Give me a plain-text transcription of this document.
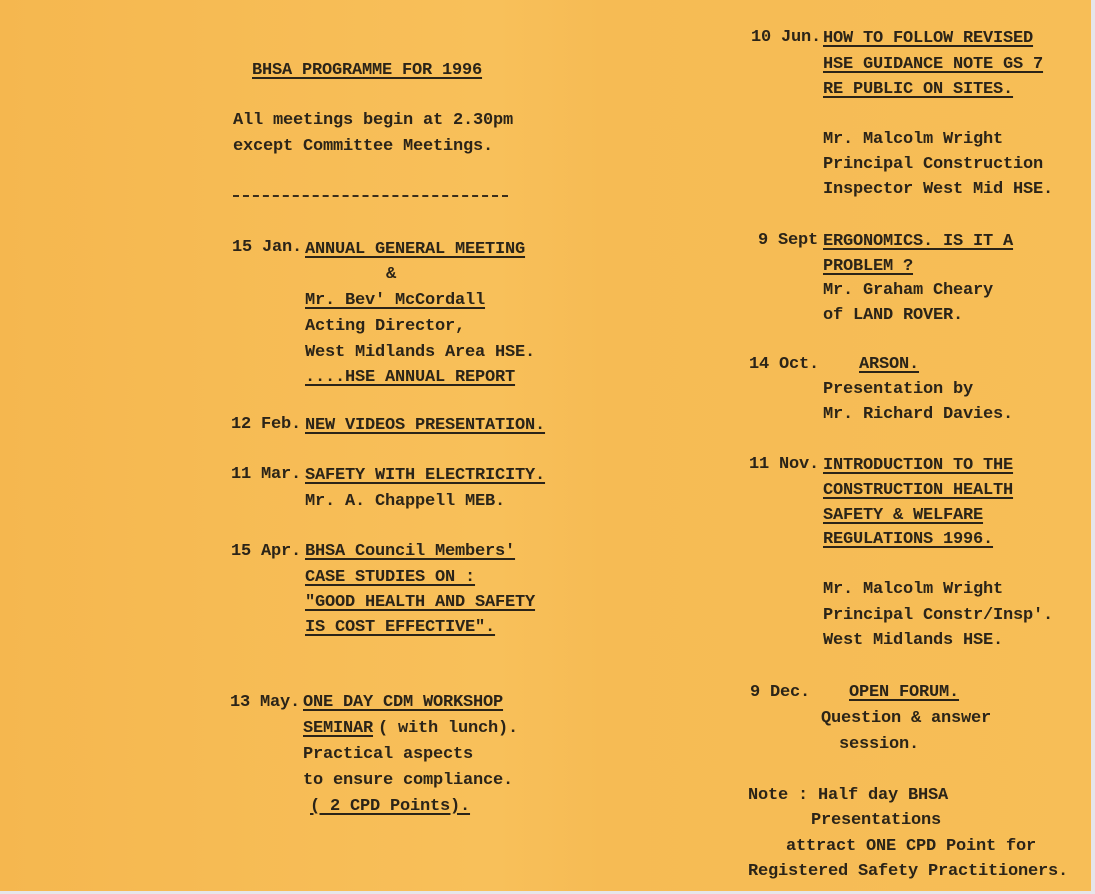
BHSA PROGRAMME FOR 1996
All meetings begin at 2.30pm
except Committee Meetings.
15 Jan. ANNUAL GENERAL MEETING
&
Mr. Bev' McCordall
Acting Director,
West Midlands Area HSE.
....HSE ANNUAL REPORT
12 Feb. NEW VIDEOS PRESENTATION.
11 Mar. SAFETY WITH ELECTRICITY.
Mr. A. Chappell MEB.
15 Apr. BHSA Council Members'
CASE STUDIES ON :
"GOOD HEALTH AND SAFETY
IS COST EFFECTIVE".
13 May. ONE DAY CDM WORKSHOP
SEMINAR ( with lunch).
Practical aspects
to ensure compliance.
( 2 CPD Points).
10 Jun. HOW TO FOLLOW REVISED
HSE GUIDANCE NOTE GS 7
RE PUBLIC ON SITES.
Mr. Malcolm Wright
Principal Construction
Inspector West Mid HSE.
9 Sept ERGONOMICS. IS IT A
PROBLEM ?
Mr. Graham Cheary
of LAND ROVER.
14 Oct. ARSON.
Presentation by
Mr. Richard Davies.
11 Nov. INTRODUCTION TO THE
CONSTRUCTION HEALTH
SAFETY & WELFARE
REGULATIONS 1996.
Mr. Malcolm Wright
Principal Constr/Insp'.
West Midlands HSE.
9 Dec. OPEN FORUM.
Question & answer
session.
Note : Half day BHSA
Presentations
attract ONE CPD Point for
Registered Safety Practitioners.
